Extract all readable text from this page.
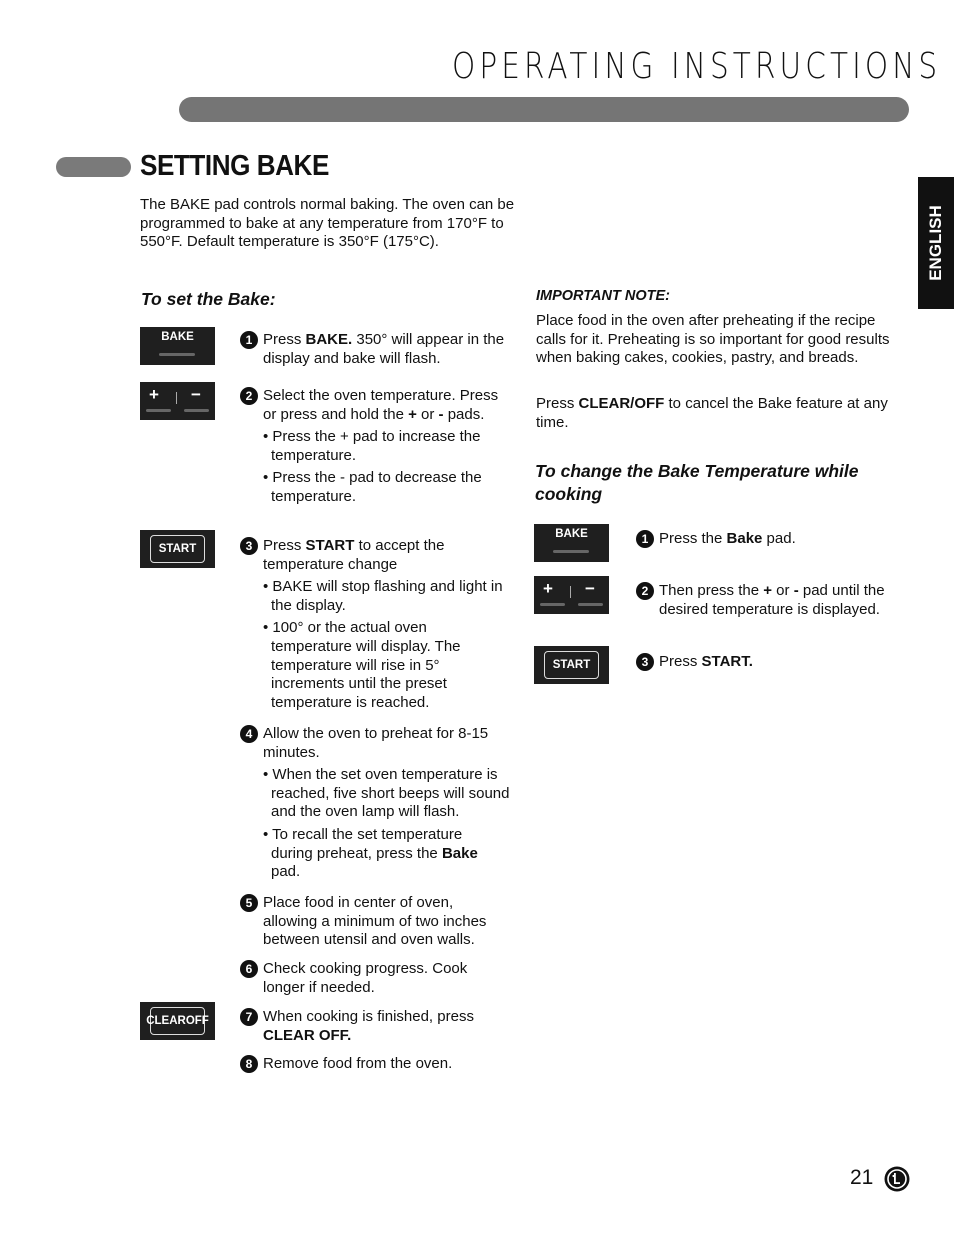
OPERATING INSTRUCTIONS
SETTING BAKE
ENGLISH
The BAKE pad controls normal baking. The oven can be programmed to bake at any temperature from 170°F to 550°F. Default temperature is 350°F (175°C).
To set the Bake:
BAKE
+ −
START
CLEAR OFF
1 Press BAKE. 350° will appear in the display and bake will flash.
2 Select the oven temperature. Press or press and hold the + or - pads.
• Press the + pad to increase the temperature.
• Press the - pad to decrease the temperature.
3 Press START to accept the temperature change
• BAKE will stop flashing and light in the display.
• 100° or the actual oven temperature will display. The temperature will rise in 5° increments until the preset temperature is reached.
4 Allow the oven to preheat for 8-15 minutes.
• When the set oven temperature is reached, five short beeps will sound and the oven lamp will flash.
• To recall the set temperature during preheat, press the Bake pad.
5 Place food in center of oven, allowing a minimum of two inches between utensil and oven walls.
6 Check cooking progress. Cook longer if needed.
7 When cooking is finished, press CLEAR OFF.
8 Remove food from the oven.
IMPORTANT NOTE:
Place food in the oven after preheating if the recipe calls for it. Preheating is so important for good results when baking cakes, cookies, pastry, and breads.
Press CLEAR/OFF to cancel the Bake feature at any time.
To change the Bake Temperature while cooking
BAKE
+ −
START
1 Press the Bake pad.
2 Then press the + or - pad until the desired temperature is displayed.
3 Press START.
21
